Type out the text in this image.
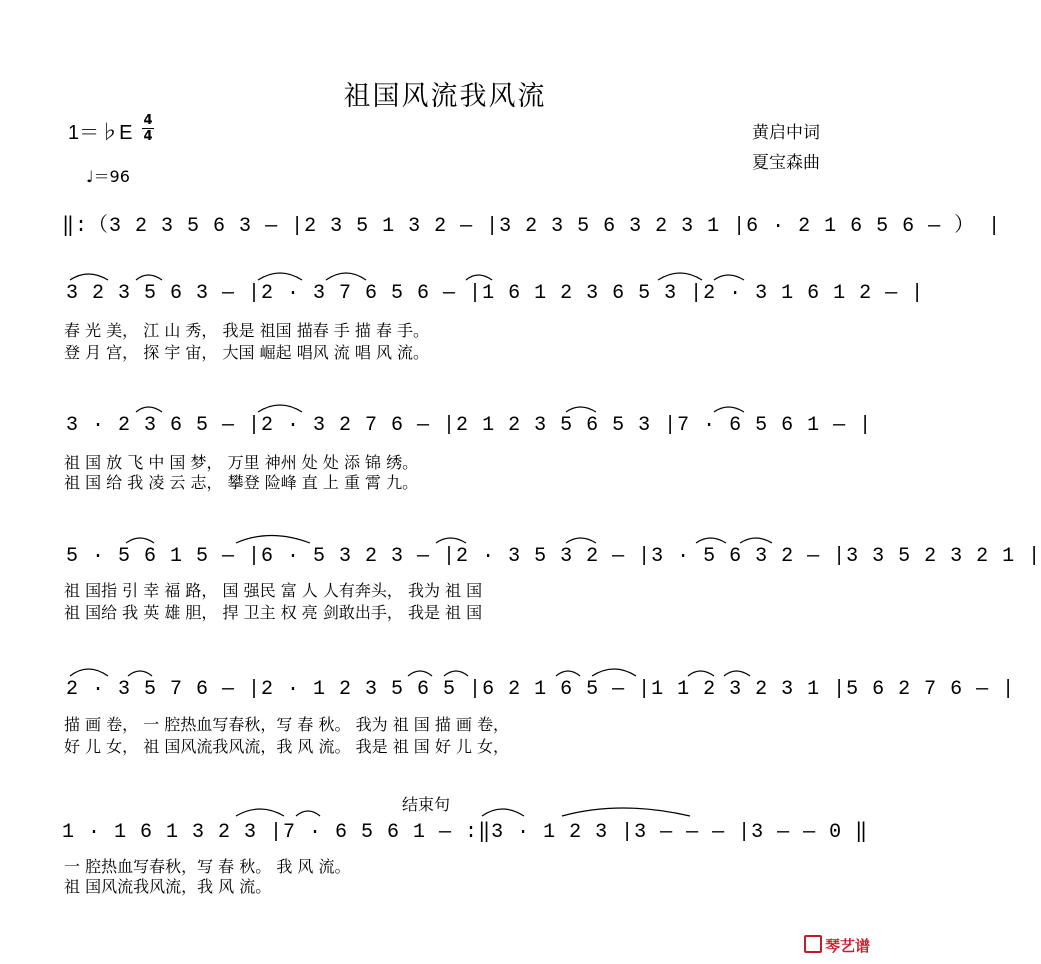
祖国风流我风流
1＝♭E
4
4	黄启中词
夏宝森曲
♩＝96
‖:（3 2 3 5 6 3 — |2 3 5 1 3 2 — |3 2 3 5 6 3 2 3 1 |6 · 2 1 6 5 6 — ） |
3 2 3 5 6 3 — |2 · 3 7 6 5 6 — |1 6 1 2 3 6 5 3 |2 · 3 1 6 1 2 — |
春 光 美， 江 山 秀， 我是 祖国 描春 手 描 春 手。
登 月 宫， 探 宇 宙， 大国 崛起 唱风 流 唱 风 流。
3 · 2 3 6 5 — |2 · 3 2 7 6 — |2 1 2 3 5 6 5 3 |7 · 6 5 6 1 — |
祖 国 放 飞 中 国 梦， 万里 神州 处 处 添 锦 绣。
祖 国 给 我 凌 云 志， 攀登 险峰 直 上 重 霄 九。
5 · 5 6 1 5 — |6 · 5 3 2 3 — |2 · 3 5 3 2 — |3 · 5 6 3 2 — |3 3 5 2 3 2 1 |
祖 国指 引 幸 福 路， 国 强民 富 人 人有奔头， 我为 祖 国
祖 国给 我 英 雄 胆， 捍 卫主 权 亮 剑敢出手， 我是 祖 国
2 · 3 5 7 6 — |2 · 1 2 3 5 6 5 |6 2 1 6 5 — |1 1 2 3 2 3 1 |5 6 2 7 6 — |
描 画 卷， 一 腔热血写春秋，写 春 秋。 我为 祖 国 描 画 卷，
好 儿 女， 祖 国风流我风流，我 风 流。 我是 祖 国 好 儿 女，
结束句
1 · 1 6 1 3 2 3 |7 · 6 5 6 1 — :‖3 · 1 2 3 |3 — — — |3 — — 0 ‖
一 腔热血写春秋，写 春 秋。 我 风 流。
祖 国风流我风流，我 风 流。
琴艺谱
